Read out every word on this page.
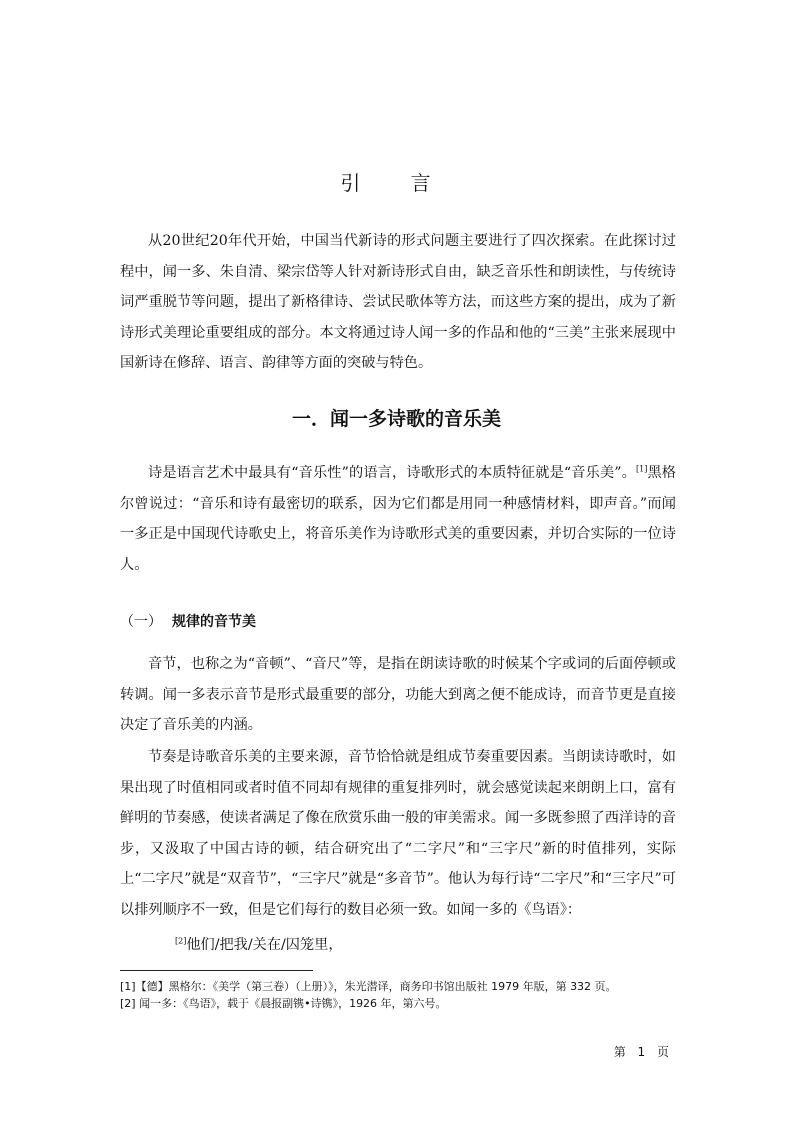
引 言

从20世纪20年代开始，中国当代新诗的形式问题主要进行了四次探索。在此探讨过程中，闻一多、朱自清、梁宗岱等人针对新诗形式自由，缺乏音乐性和朗读性，与传统诗词严重脱节等问题，提出了新格律诗、尝试民歌体等方法，而这些方案的提出，成为了新诗形式美理论重要组成的部分。本文将通过诗人闻一多的作品和他的“三美”主张来展现中国新诗在修辞、语言、韵律等方面的突破与特色。

一．闻一多诗歌的音乐美

诗是语言艺术中最具有“音乐性”的语言，诗歌形式的本质特征就是“音乐美”。[1]黑格尔曾说过：“音乐和诗有最密切的联系，因为它们都是用同一种感情材料，即声音。”而闻一多正是中国现代诗歌史上，将音乐美作为诗歌形式美的重要因素，并切合实际的一位诗人。

（一） 规律的音节美

音节，也称之为“音顿”、“音尺”等，是指在朗读诗歌的时候某个字或词的后面停顿或转调。闻一多表示音节是形式最重要的部分，功能大到离之便不能成诗，而音节更是直接决定了音乐美的内涵。

节奏是诗歌音乐美的主要来源，音节恰恰就是组成节奏重要因素。当朗读诗歌时，如果出现了时值相同或者时值不同却有规律的重复排列时，就会感觉读起来朗朗上口，富有鲜明的节奏感，使读者满足了像在欣赏乐曲一般的审美需求。闻一多既参照了西洋诗的音步，又汲取了中国古诗的顿，结合研究出了“二字尺”和“三字尺”新的时值排列，实际上“二字尺”就是“双音节”，“三字尺”就是“多音节”。他认为每行诗“二字尺”和“三字尺”可以排列顺序不一致，但是它们每行的数目必须一致。如闻一多的《鸟语》：

[2]他们/把我/关在/囚笼里，
[1]【德】黑格尔：《美学（第三卷）（上册）》，朱光潜译，商务印书馆出版社 1979 年版，第 332 页。
[2] 闻一多：《鸟语》，载于《晨报副镌•诗镌》，1926 年，第六号。
第 1 页
